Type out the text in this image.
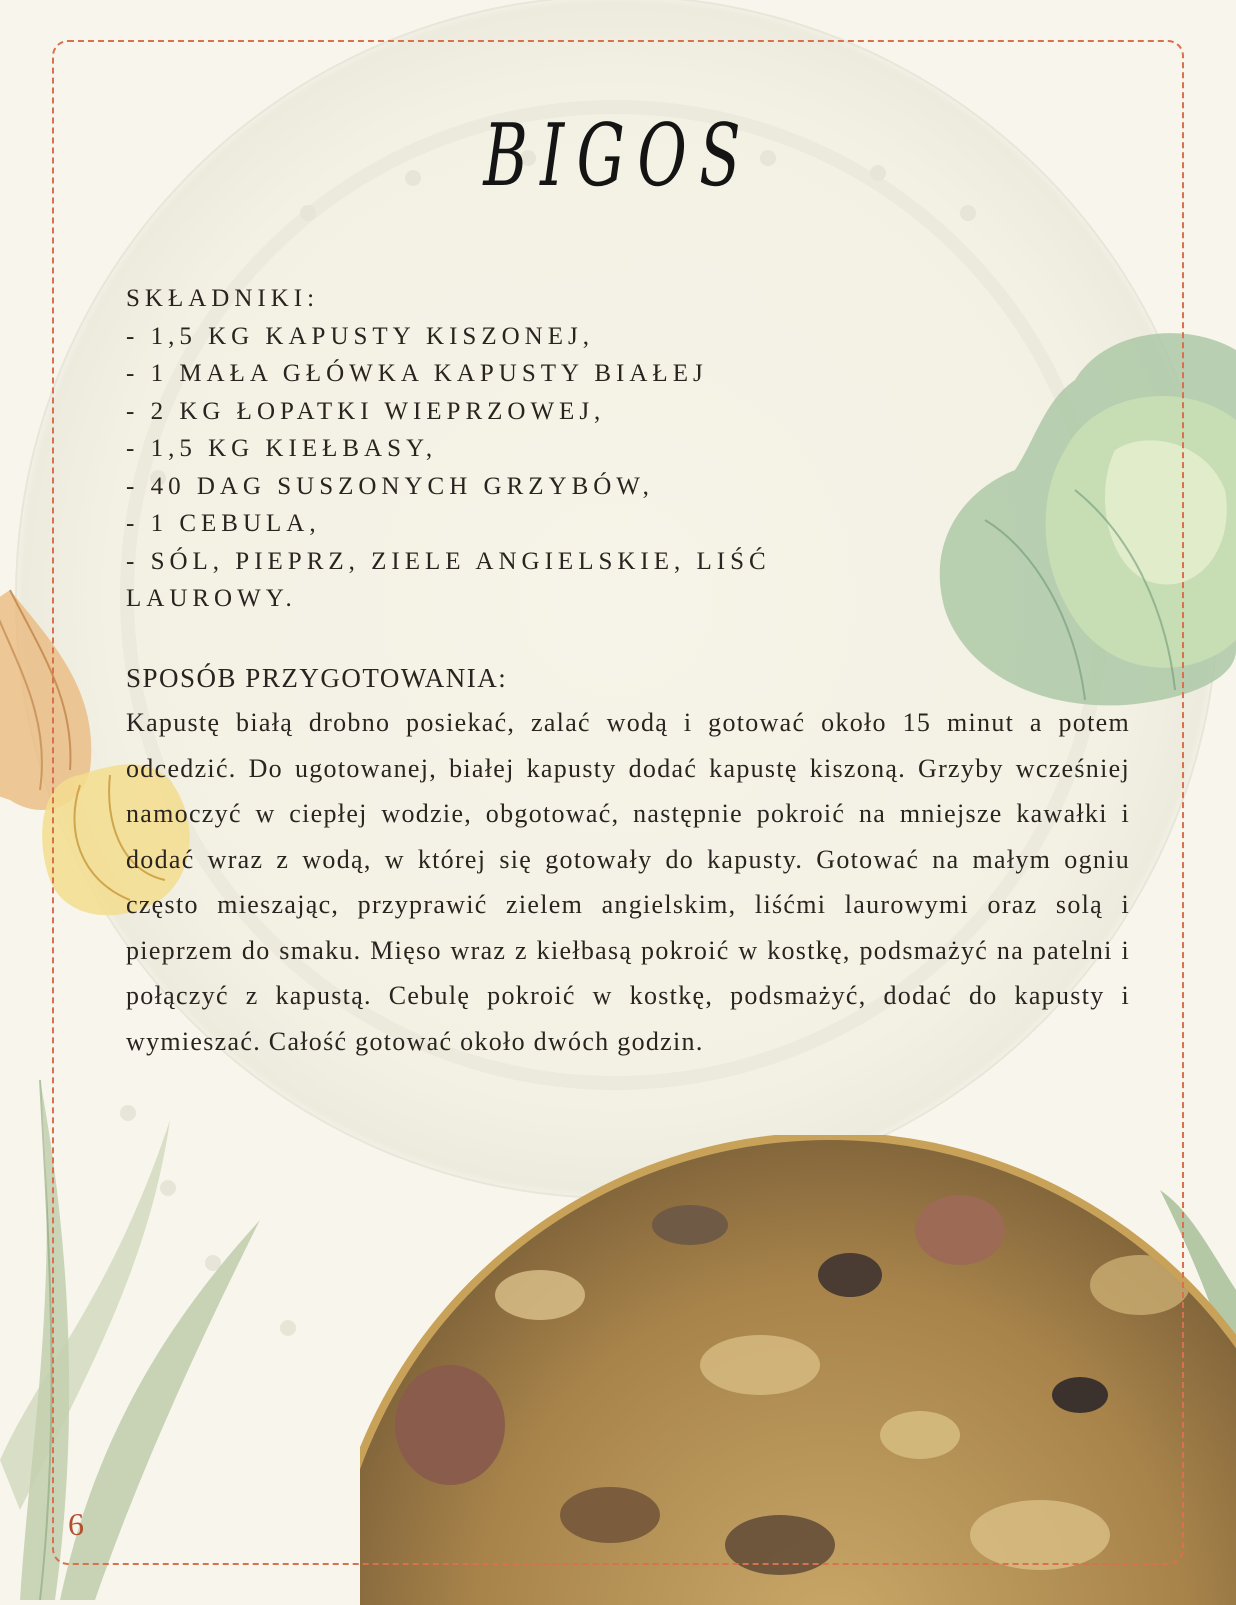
BIGOS
SKŁADNIKI:
- 1,5 KG KAPUSTY KISZONEJ,
- 1 MAŁA GŁÓWKA KAPUSTY BIAŁEJ
- 2 KG ŁOPATKI WIEPRZOWEJ,
- 1,5 KG KIEŁBASY,
- 40 DAG SUSZONYCH GRZYBÓW,
- 1 CEBULA,
- SÓL, PIEPRZ, ZIELE ANGIELSKIE, LIŚĆ
LAUROWY.
SPOSÓB PRZYGOTOWANIA:
Kapustę białą drobno posiekać, zalać wodą i gotować około 15 minut a potem odcedzić. Do ugotowanej, białej kapusty dodać kapustę kiszoną. Grzyby wcześniej namoczyć w ciepłej wodzie, obgotować, następnie pokroić na mniejsze kawałki i dodać wraz z wodą, w której się gotowały do kapusty. Gotować na małym ogniu często mieszając, przyprawić zielem angielskim, liśćmi laurowymi oraz solą i pieprzem do smaku. Mięso wraz z kiełbasą pokroić w kostkę, podsmażyć na patelni i połączyć z kapustą. Cebulę pokroić w kostkę, podsmażyć, dodać do kapusty i wymieszać. Całość gotować około dwóch godzin.
6
